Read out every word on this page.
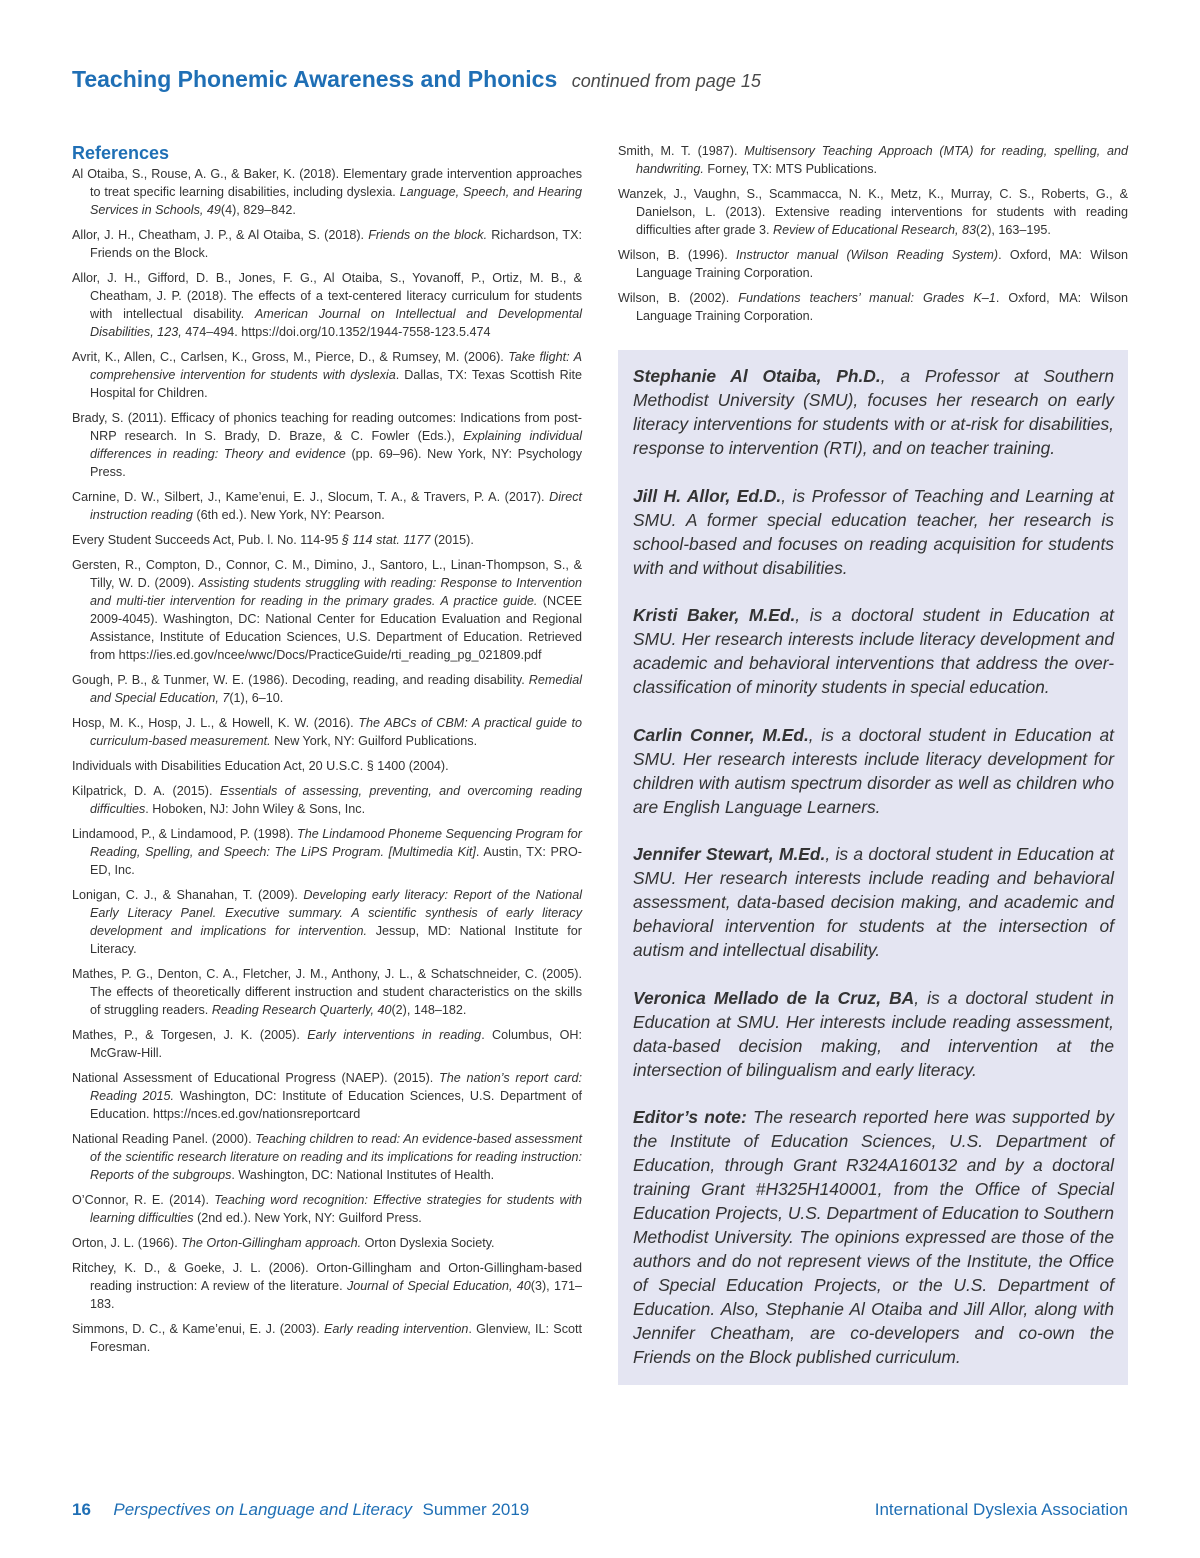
Teaching Phonemic Awareness and Phonics continued from page 15
References

Al Otaiba, S., Rouse, A. G., & Baker, K. (2018). Elementary grade intervention approaches to treat specific learning disabilities, including dyslexia. Language, Speech, and Hearing Services in Schools, 49(4), 829–842.

Allor, J. H., Cheatham, J. P., & Al Otaiba, S. (2018). Friends on the block. Richardson, TX: Friends on the Block.

Allor, J. H., Gifford, D. B., Jones, F. G., Al Otaiba, S., Yovanoff, P., Ortiz, M. B., & Cheatham, J. P. (2018). The effects of a text-centered literacy curriculum for students with intellectual disability. American Journal on Intellectual and Developmental Disabilities, 123, 474–494. https://doi.org/10.1352/1944-7558-123.5.474

Avrit, K., Allen, C., Carlsen, K., Gross, M., Pierce, D., & Rumsey, M. (2006). Take flight: A comprehensive intervention for students with dyslexia. Dallas, TX: Texas Scottish Rite Hospital for Children.

Brady, S. (2011). Efficacy of phonics teaching for reading outcomes: Indications from post-NRP research. In S. Brady, D. Braze, & C. Fowler (Eds.), Explaining individual differences in reading: Theory and evidence (pp. 69–96). New York, NY: Psychology Press.

Carnine, D. W., Silbert, J., Kame’enui, E. J., Slocum, T. A., & Travers, P. A. (2017). Direct instruction reading (6th ed.). New York, NY: Pearson.

Every Student Succeeds Act, Pub. l. No. 114-95 § 114 stat. 1177 (2015).

Gersten, R., Compton, D., Connor, C. M., Dimino, J., Santoro, L., Linan-Thompson, S., & Tilly, W. D. (2009). Assisting students struggling with reading: Response to Intervention and multi-tier intervention for reading in the primary grades. A practice guide. (NCEE 2009-4045). Washington, DC: National Center for Education Evaluation and Regional Assistance, Institute of Education Sciences, U.S. Department of Education. Retrieved from https://ies.ed.gov/ncee/wwc/Docs/PracticeGuide/rti_reading_pg_021809.pdf

Gough, P. B., & Tunmer, W. E. (1986). Decoding, reading, and reading disability. Remedial and Special Education, 7(1), 6–10.

Hosp, M. K., Hosp, J. L., & Howell, K. W. (2016). The ABCs of CBM: A practical guide to curriculum-based measurement. New York, NY: Guilford Publications.

Individuals with Disabilities Education Act, 20 U.S.C. § 1400 (2004).

Kilpatrick, D. A. (2015). Essentials of assessing, preventing, and overcoming reading difficulties. Hoboken, NJ: John Wiley & Sons, Inc.

Lindamood, P., & Lindamood, P. (1998). The Lindamood Phoneme Sequencing Program for Reading, Spelling, and Speech: The LiPS Program. [Multimedia Kit]. Austin, TX: PRO-ED, Inc.

Lonigan, C. J., & Shanahan, T. (2009). Developing early literacy: Report of the National Early Literacy Panel. Executive summary. A scientific synthesis of early literacy development and implications for intervention. Jessup, MD: National Institute for Literacy.

Mathes, P. G., Denton, C. A., Fletcher, J. M., Anthony, J. L., & Schatschneider, C. (2005). The effects of theoretically different instruction and student characteristics on the skills of struggling readers. Reading Research Quarterly, 40(2), 148–182.

Mathes, P., & Torgesen, J. K. (2005). Early interventions in reading. Columbus, OH: McGraw-Hill.

National Assessment of Educational Progress (NAEP). (2015). The nation’s report card: Reading 2015. Washington, DC: Institute of Education Sciences, U.S. Department of Education. https://nces.ed.gov/nationsreportcard

National Reading Panel. (2000). Teaching children to read: An evidence-based assessment of the scientific research literature on reading and its implications for reading instruction: Reports of the subgroups. Washington, DC: National Institutes of Health.

O’Connor, R. E. (2014). Teaching word recognition: Effective strategies for students with learning difficulties (2nd ed.). New York, NY: Guilford Press.

Orton, J. L. (1966). The Orton-Gillingham approach. Orton Dyslexia Society.

Ritchey, K. D., & Goeke, J. L. (2006). Orton-Gillingham and Orton-Gillingham-based reading instruction: A review of the literature. Journal of Special Education, 40(3), 171–183.

Simmons, D. C., & Kame’enui, E. J. (2003). Early reading intervention. Glenview, IL: Scott Foresman.

Smith, M. T. (1987). Multisensory Teaching Approach (MTA) for reading, spelling, and handwriting. Forney, TX: MTS Publications.

Wanzek, J., Vaughn, S., Scammacca, N. K., Metz, K., Murray, C. S., Roberts, G., & Danielson, L. (2013). Extensive reading interventions for students with reading difficulties after grade 3. Review of Educational Research, 83(2), 163–195.

Wilson, B. (1996). Instructor manual (Wilson Reading System). Oxford, MA: Wilson Language Training Corporation.

Wilson, B. (2002). Fundations teachers’ manual: Grades K–1. Oxford, MA: Wilson Language Training Corporation.

Stephanie Al Otaiba, Ph.D., a Professor at Southern Methodist University (SMU), focuses her research on early literacy interventions for students with or at-risk for disabilities, response to intervention (RTI), and on teacher training.

Jill H. Allor, Ed.D., is Professor of Teaching and Learning at SMU. A former special education teacher, her research is school-based and focuses on reading acquisition for students with and without disabilities.

Kristi Baker, M.Ed., is a doctoral student in Education at SMU. Her research interests include literacy development and academic and behavioral interventions that address the over-classification of minority students in special education.

Carlin Conner, M.Ed., is a doctoral student in Education at SMU. Her research interests include literacy development for children with autism spectrum disorder as well as children who are English Language Learners.

Jennifer Stewart, M.Ed., is a doctoral student in Education at SMU. Her research interests include reading and behavioral assessment, data-based decision making, and academic and behavioral intervention for students at the intersection of autism and intellectual disability.

Veronica Mellado de la Cruz, BA, is a doctoral student in Education at SMU. Her interests include reading assessment, data-based decision making, and intervention at the intersection of bilingualism and early literacy.

Editor’s note: The research reported here was supported by the Institute of Education Sciences, U.S. Department of Education, through Grant R324A160132 and by a doctoral training Grant #H325H140001, from the Office of Special Education Projects, U.S. Department of Education to Southern Methodist University. The opinions expressed are those of the authors and do not represent views of the Institute, the Office of Special Education Projects, or the U.S. Department of Education. Also, Stephanie Al Otaiba and Jill Allor, along with Jennifer Cheatham, are co-developers and co-own the Friends on the Block published curriculum.

16 Perspectives on Language and Literacy Summer 2019	International Dyslexia Association
